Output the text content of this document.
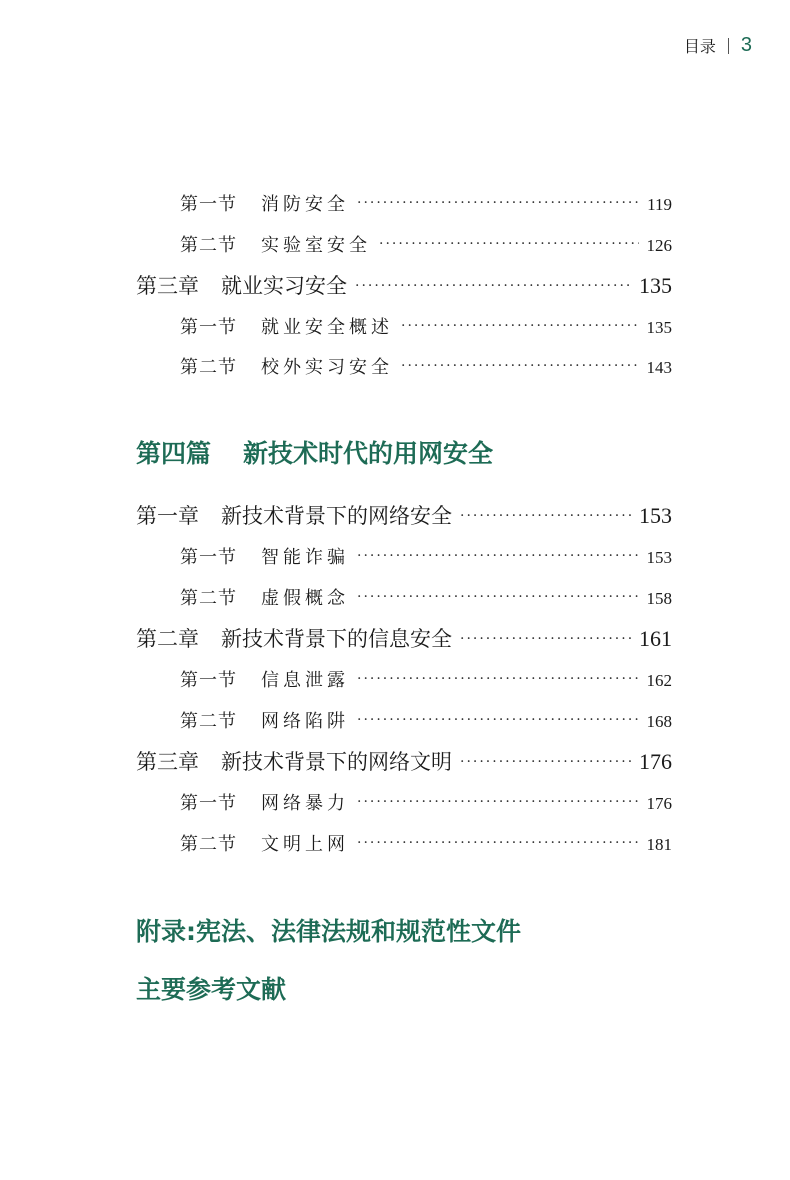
目录 3
第一节 消防安全 ·····	119
第二节 实验室安全 ·····	126
第三章 就业实习安全 ·····	135
第一节 就业安全概述 ·····	135
第二节 校外实习安全 ·····	143
第四篇 新技术时代的用网安全
第一章 新技术背景下的网络安全 ·····	153
第一节 智能诈骗 ·····	153
第二节 虚假概念 ·····	158
第二章 新技术背景下的信息安全 ·····	161
第一节 信息泄露 ·····	162
第二节 网络陷阱 ·····	168
第三章 新技术背景下的网络文明 ·····	176
第一节 网络暴力 ·····	176
第二节 文明上网 ·····	181
附录:宪法、法律法规和规范性文件
主要参考文献
